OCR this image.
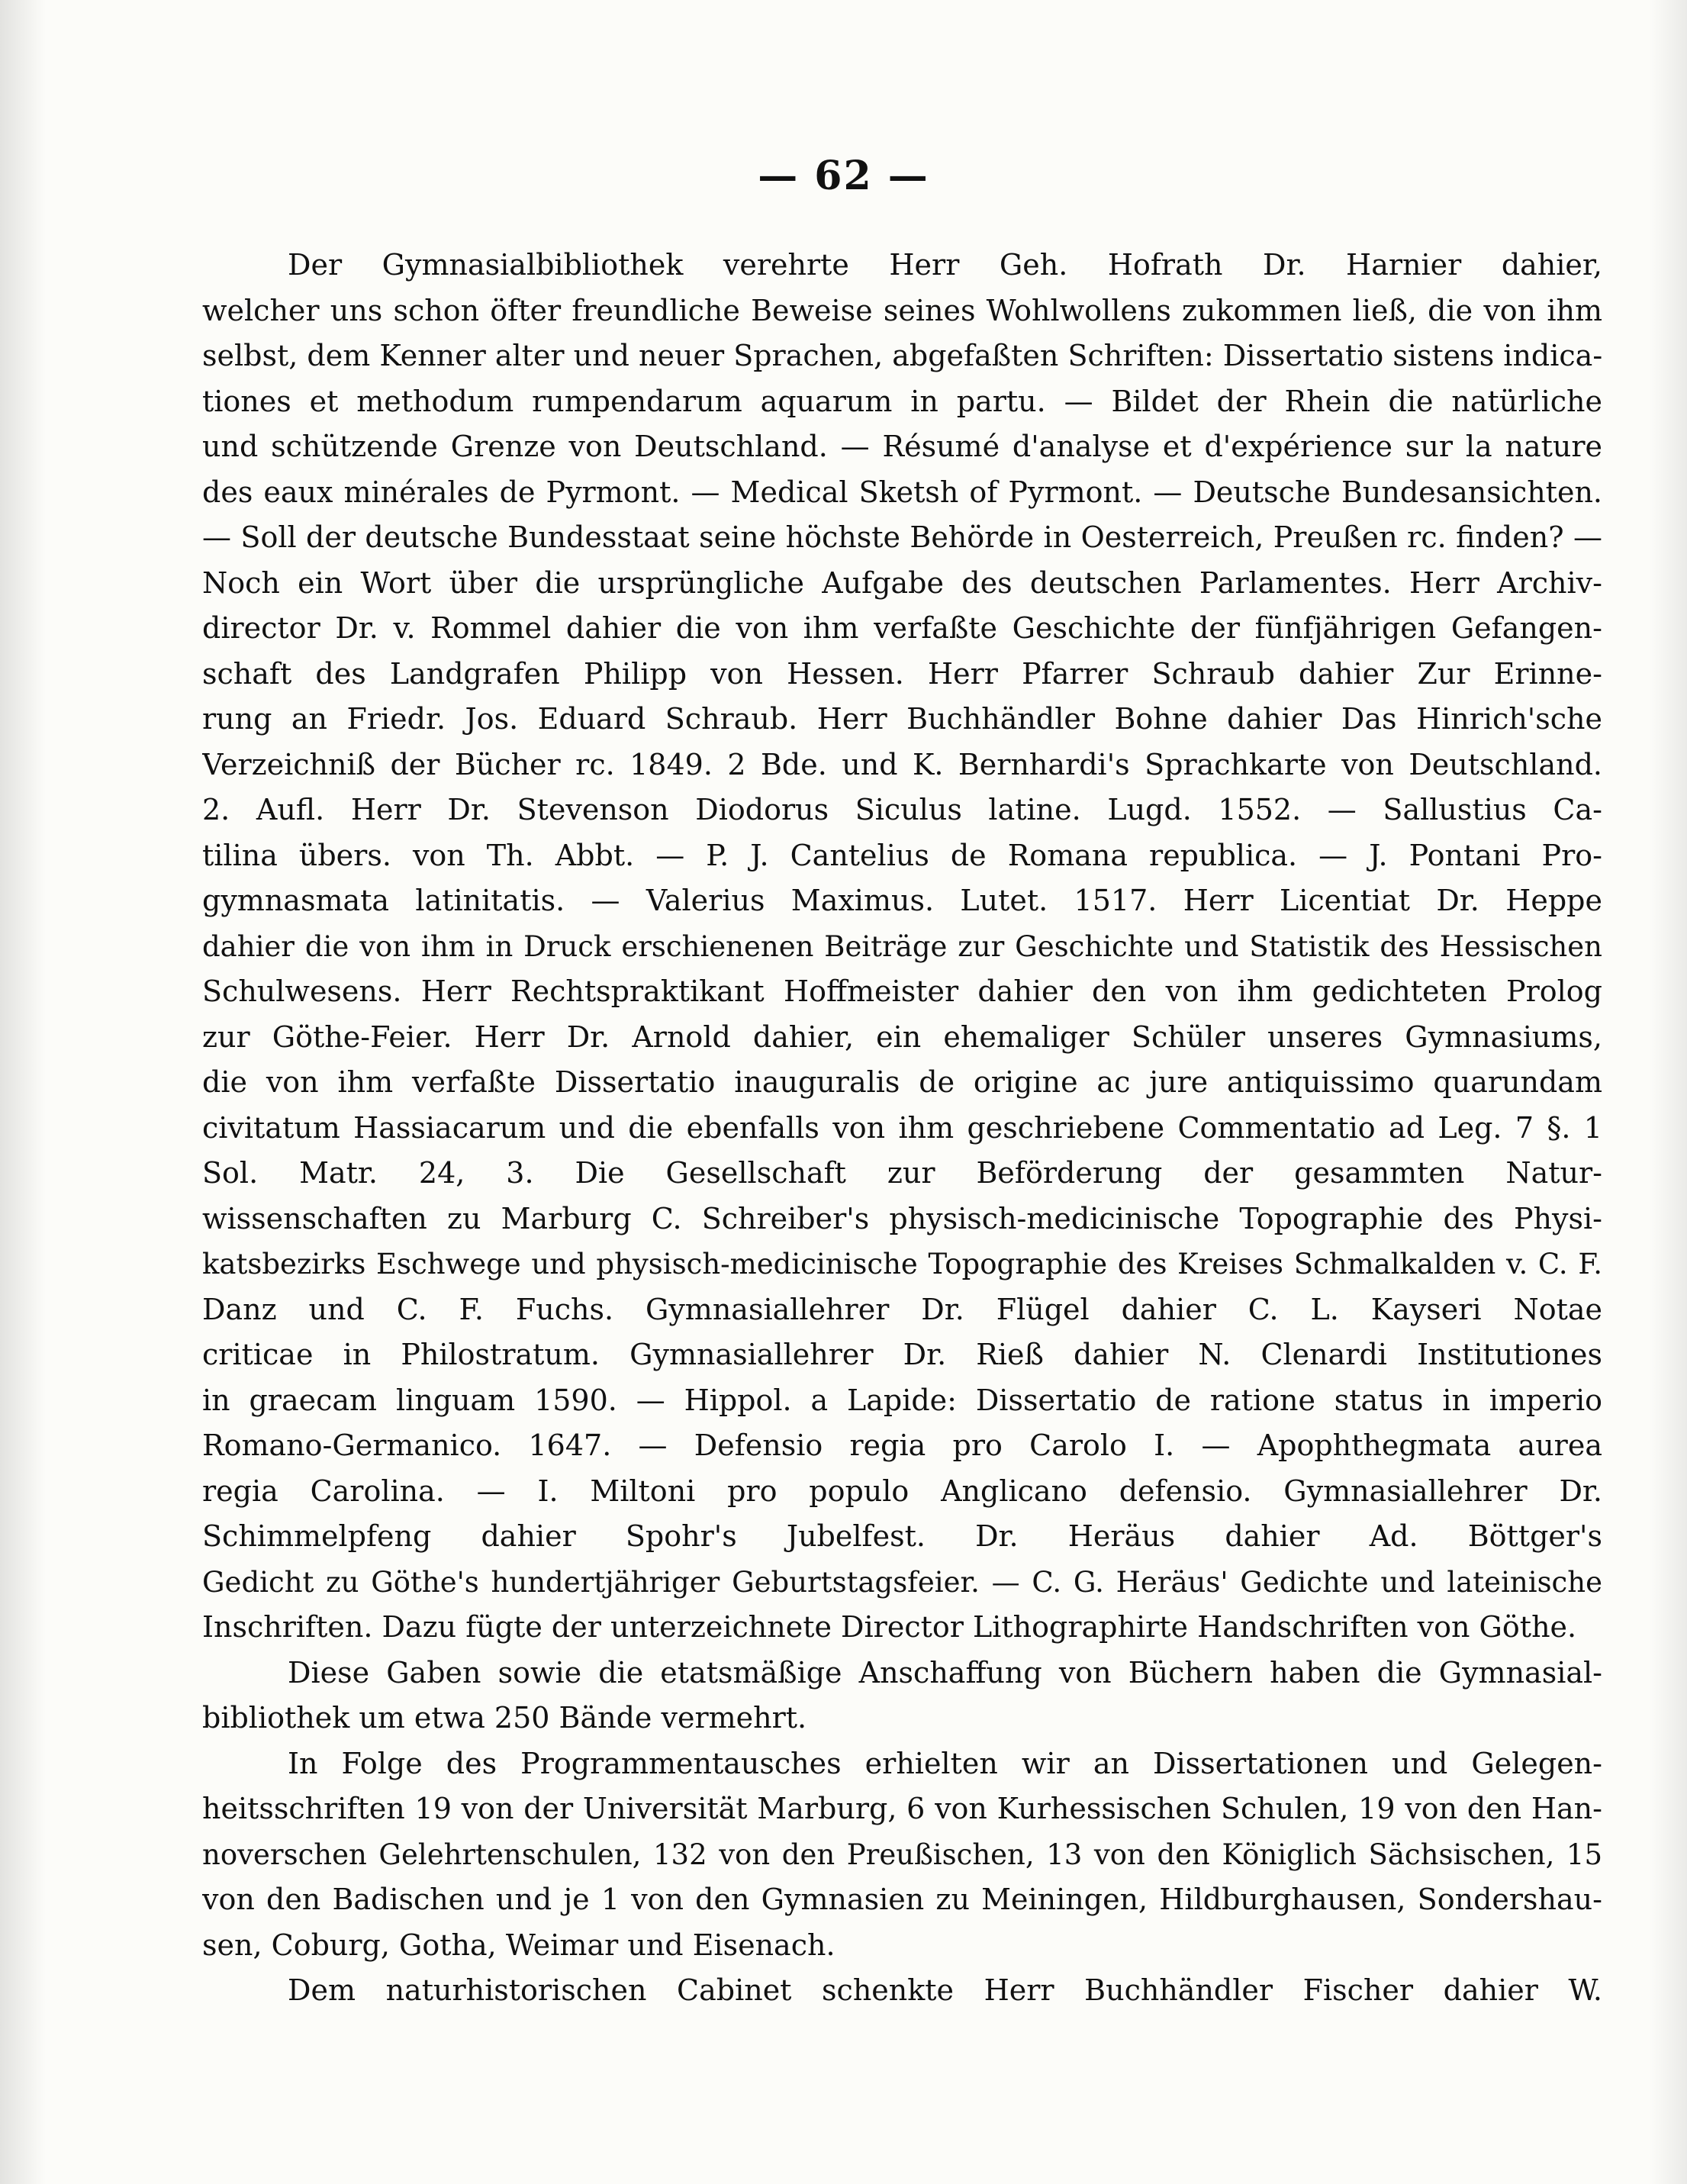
— 62 —
Der Gymnasialbibliothek verehrte Herr Geh. Hofrath Dr. Harnier dahier,
welcher uns schon öfter freundliche Beweise seines Wohlwollens zukommen ließ, die von ihm
selbst, dem Kenner alter und neuer Sprachen, abgefaßten Schriften: Dissertatio sistens indica-
tiones et methodum rumpendarum aquarum in partu. — Bildet der Rhein die natürliche
und schützende Grenze von Deutschland. — Résumé d'analyse et d'expérience sur la nature
des eaux minérales de Pyrmont. — Medical Sketsh of Pyrmont. — Deutsche Bundesansichten.
— Soll der deutsche Bundesstaat seine höchste Behörde in Oesterreich, Preußen rc. finden? —
Noch ein Wort über die ursprüngliche Aufgabe des deutschen Parlamentes. Herr Archiv-
director Dr. v. Rommel dahier die von ihm verfaßte Geschichte der fünfjährigen Gefangen-
schaft des Landgrafen Philipp von Hessen. Herr Pfarrer Schraub dahier Zur Erinne-
rung an Friedr. Jos. Eduard Schraub. Herr Buchhändler Bohne dahier Das Hinrich'sche
Verzeichniß der Bücher rc. 1849. 2 Bde. und K. Bernhardi's Sprachkarte von Deutschland.
2. Aufl. Herr Dr. Stevenson Diodorus Siculus latine. Lugd. 1552. — Sallustius Ca-
tilina übers. von Th. Abbt. — P. J. Cantelius de Romana republica. — J. Pontani Pro-
gymnasmata latinitatis. — Valerius Maximus. Lutet. 1517. Herr Licentiat Dr. Heppe
dahier die von ihm in Druck erschienenen Beiträge zur Geschichte und Statistik des Hessischen
Schulwesens. Herr Rechtspraktikant Hoffmeister dahier den von ihm gedichteten Prolog
zur Göthe-Feier. Herr Dr. Arnold dahier, ein ehemaliger Schüler unseres Gymnasiums,
die von ihm verfaßte Dissertatio inauguralis de origine ac jure antiquissimo quarundam
civitatum Hassiacarum und die ebenfalls von ihm geschriebene Commentatio ad Leg. 7 §. 1
Sol. Matr. 24, 3. Die Gesellschaft zur Beförderung der gesammten Natur-
wissenschaften zu Marburg C. Schreiber's physisch-medicinische Topographie des Physi-
katsbezirks Eschwege und physisch-medicinische Topographie des Kreises Schmalkalden v. C. F.
Danz und C. F. Fuchs. Gymnasiallehrer Dr. Flügel dahier C. L. Kayseri Notae
criticae in Philostratum. Gymnasiallehrer Dr. Rieß dahier N. Clenardi Institutiones
in graecam linguam 1590. — Hippol. a Lapide: Dissertatio de ratione status in imperio
Romano-Germanico. 1647. — Defensio regia pro Carolo I. — Apophthegmata aurea
regia Carolina. — I. Miltoni pro populo Anglicano defensio. Gymnasiallehrer Dr.
Schimmelpfeng dahier Spohr's Jubelfest. Dr. Heräus dahier Ad. Böttger's
Gedicht zu Göthe's hundertjähriger Geburtstagsfeier. — C. G. Heräus' Gedichte und lateinische
Inschriften. Dazu fügte der unterzeichnete Director Lithographirte Handschriften von Göthe.
Diese Gaben sowie die etatsmäßige Anschaffung von Büchern haben die Gymnasial-
bibliothek um etwa 250 Bände vermehrt.
In Folge des Programmentausches erhielten wir an Dissertationen und Gelegen-
heitsschriften 19 von der Universität Marburg, 6 von Kurhessischen Schulen, 19 von den Han-
noverschen Gelehrtenschulen, 132 von den Preußischen, 13 von den Königlich Sächsischen, 15
von den Badischen und je 1 von den Gymnasien zu Meiningen, Hildburghausen, Sondershau-
sen, Coburg, Gotha, Weimar und Eisenach.
Dem naturhistorischen Cabinet schenkte Herr Buchhändler Fischer dahier W.
